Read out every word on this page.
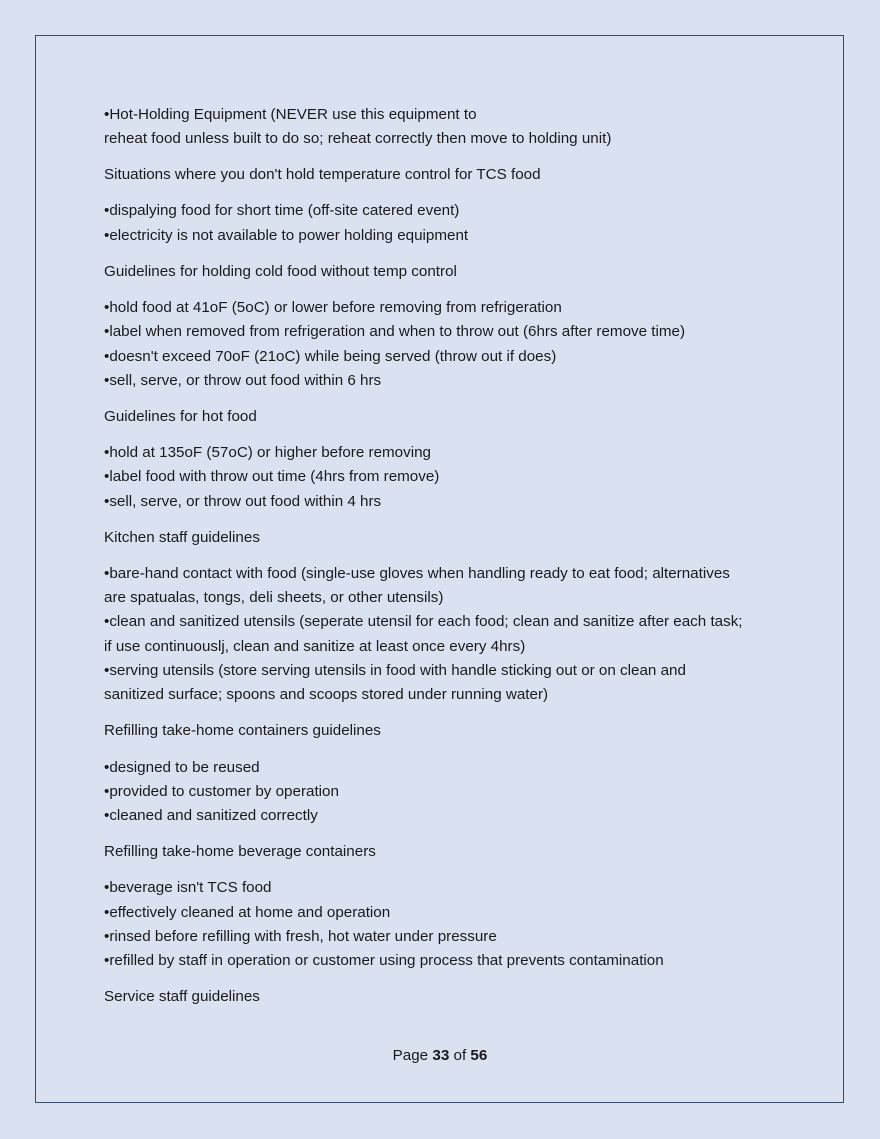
•Hot-Holding Equipment (NEVER use this equipment to
reheat food unless built to do so; reheat correctly then move to holding unit)
Situations where you don't hold temperature control for TCS food
•dispalying food for short time (off-site catered event)
•electricity is not available to power holding equipment
Guidelines for holding cold food without temp control
•hold food at 41oF (5oC) or lower before removing from refrigeration
•label when removed from refrigeration and when to throw out (6hrs after remove time)
•doesn't exceed 70oF (21oC) while being served (throw out if does)
•sell, serve, or throw out food within 6 hrs
Guidelines for hot food
•hold at 135oF (57oC) or higher before removing
•label food with throw out time (4hrs from remove)
•sell, serve, or throw out food within 4 hrs
Kitchen staff guidelines
•bare-hand contact with food (single-use gloves when handling ready to eat food; alternatives
are spatualas, tongs, deli sheets, or other utensils)
•clean and sanitized utensils (seperate utensil for each food; clean and sanitize after each task;
if use continuouslj, clean and sanitize at least once every 4hrs)
•serving utensils (store serving utensils in food with handle sticking out or on clean and
sanitized surface; spoons and scoops stored under running water)
Refilling take-home containers guidelines
•designed to be reused
•provided to customer by operation
•cleaned and sanitized correctly
Refilling take-home beverage containers
•beverage isn't TCS food
•effectively cleaned at home and operation
•rinsed before refilling with fresh, hot water under pressure
•refilled by staff in operation or customer using process that prevents contamination
Service staff guidelines
Page 33 of 56
